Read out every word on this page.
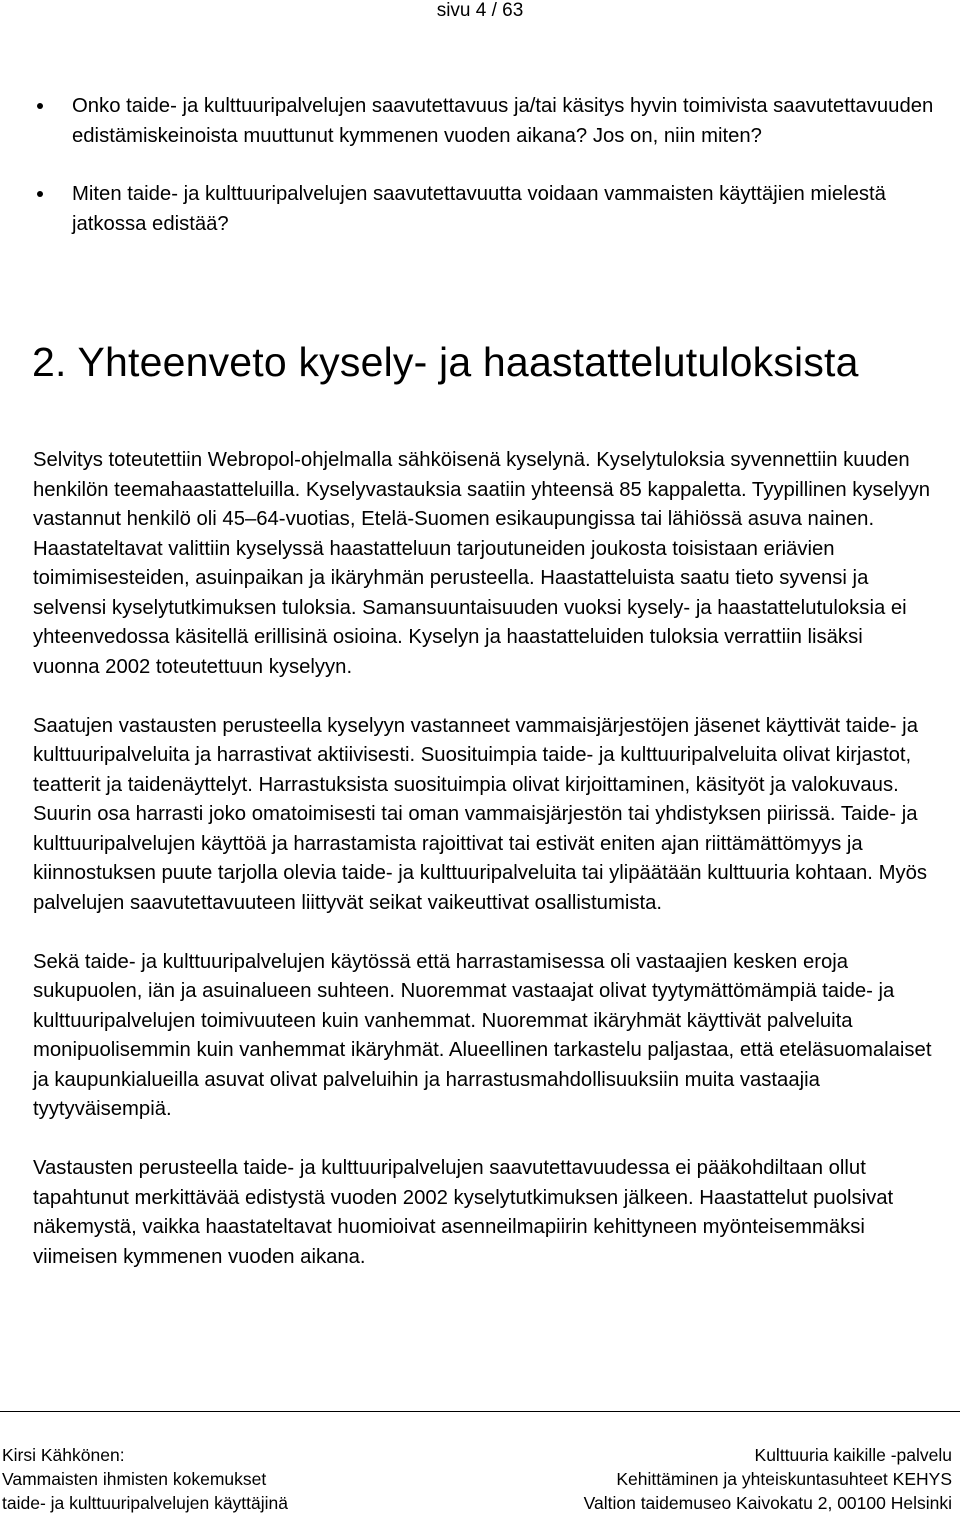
sivu 4 / 63
Onko taide- ja kulttuuripalvelujen saavutettavuus ja/tai käsitys hyvin toimivista saavutettavuuden edistämiskeinoista muuttunut kymmenen vuoden aikana? Jos on, niin miten?
Miten taide- ja kulttuuripalvelujen saavutettavuutta voidaan vammaisten käyttäjien mielestä jatkossa edistää?
2. Yhteenveto kysely- ja haastattelutuloksista

Selvitys toteutettiin Webropol-ohjelmalla sähköisenä kyselynä. Kyselytuloksia syvennettiin kuuden henkilön teemahaastatteluilla. Kyselyvastauksia saatiin yhteensä 85 kappaletta. Tyypillinen kyselyyn vastannut henkilö oli 45–64-vuotias, Etelä-Suomen esikaupungissa tai lähiössä asuva nainen. Haastateltavat valittiin kyselyssä haastatteluun tarjoutuneiden joukosta toisistaan eriävien toimimisesteiden, asuinpaikan ja ikäryhmän perusteella. Haastatteluista saatu tieto syvensi ja selvensi kyselytutkimuksen tuloksia. Samansuuntaisuuden vuoksi kysely- ja haastattelutuloksia ei yhteenvedossa käsitellä erillisinä osioina. Kyselyn ja haastatteluiden tuloksia verrattiin lisäksi vuonna 2002 toteutettuun kyselyyn.

Saatujen vastausten perusteella kyselyyn vastanneet vammaisjärjestöjen jäsenet käyttivät taide- ja kulttuuripalveluita ja harrastivat aktiivisesti. Suosituimpia taide- ja kulttuuripalveluita olivat kirjastot, teatterit ja taidenäyttelyt. Harrastuksista suosituimpia olivat kirjoittaminen, käsityöt ja valokuvaus. Suurin osa harrasti joko omatoimisesti tai oman vammaisjärjestön tai yhdistyksen piirissä. Taide- ja kulttuuripalvelujen käyttöä ja harrastamista rajoittivat tai estivät eniten ajan riittämättömyys ja kiinnostuksen puute tarjolla olevia taide- ja kulttuuripalveluita tai ylipäätään kulttuuria kohtaan. Myös palvelujen saavutettavuuteen liittyvät seikat vaikeuttivat osallistumista.

Sekä taide- ja kulttuuripalvelujen käytössä että harrastamisessa oli vastaajien kesken eroja sukupuolen, iän ja asuinalueen suhteen. Nuoremmat vastaajat olivat tyytymättömämpiä taide- ja kulttuuripalvelujen toimivuuteen kuin vanhemmat. Nuoremmat ikäryhmät käyttivät palveluita monipuolisemmin kuin vanhemmat ikäryhmät. Alueellinen tarkastelu paljastaa, että eteläsuomalaiset ja kaupunkialueilla asuvat olivat palveluihin ja harrastusmahdollisuuksiin muita vastaajia tyytyväisempiä.

Vastausten perusteella taide- ja kulttuuripalvelujen saavutettavuudessa ei pääkohdiltaan ollut tapahtunut merkittävää edistystä vuoden 2002 kyselytutkimuksen jälkeen. Haastattelut puolsivat näkemystä, vaikka haastateltavat huomioivat asenneilmapiirin kehittyneen myönteisemmäksi viimeisen kymmenen vuoden aikana.

Kirsi Kähkönen:
Vammaisten ihmisten kokemukset
taide- ja kulttuuripalvelujen käyttäjinä
Kulttuuria kaikille -palvelu
Kehittäminen ja yhteiskuntasuhteet KEHYS
Valtion taidemuseo Kaivokatu 2, 00100 Helsinki
